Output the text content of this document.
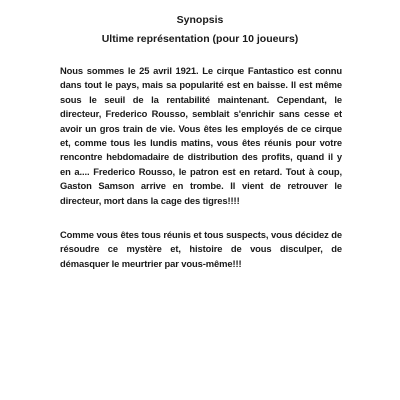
Synopsis
Ultime représentation (pour 10 joueurs)

Nous sommes le 25 avril 1921. Le cirque Fantastico est connu dans tout le pays, mais sa popularité est en baisse. Il est même sous le seuil de la rentabilité maintenant. Cependant, le directeur, Frederico Rousso, semblait s'enrichir sans cesse et avoir un gros train de vie. Vous êtes les employés de ce cirque et, comme tous les lundis matins, vous êtes réunis pour votre rencontre hebdomadaire de distribution des profits, quand il y en a.... Frederico Rousso, le patron est en retard. Tout à coup, Gaston Samson arrive en trombe. Il vient de retrouver le directeur, mort dans la cage des tigres!!!!

Comme vous êtes tous réunis et tous suspects, vous décidez de résoudre ce mystère et, histoire de vous disculper, de démasquer le meurtrier par vous-même!!!
